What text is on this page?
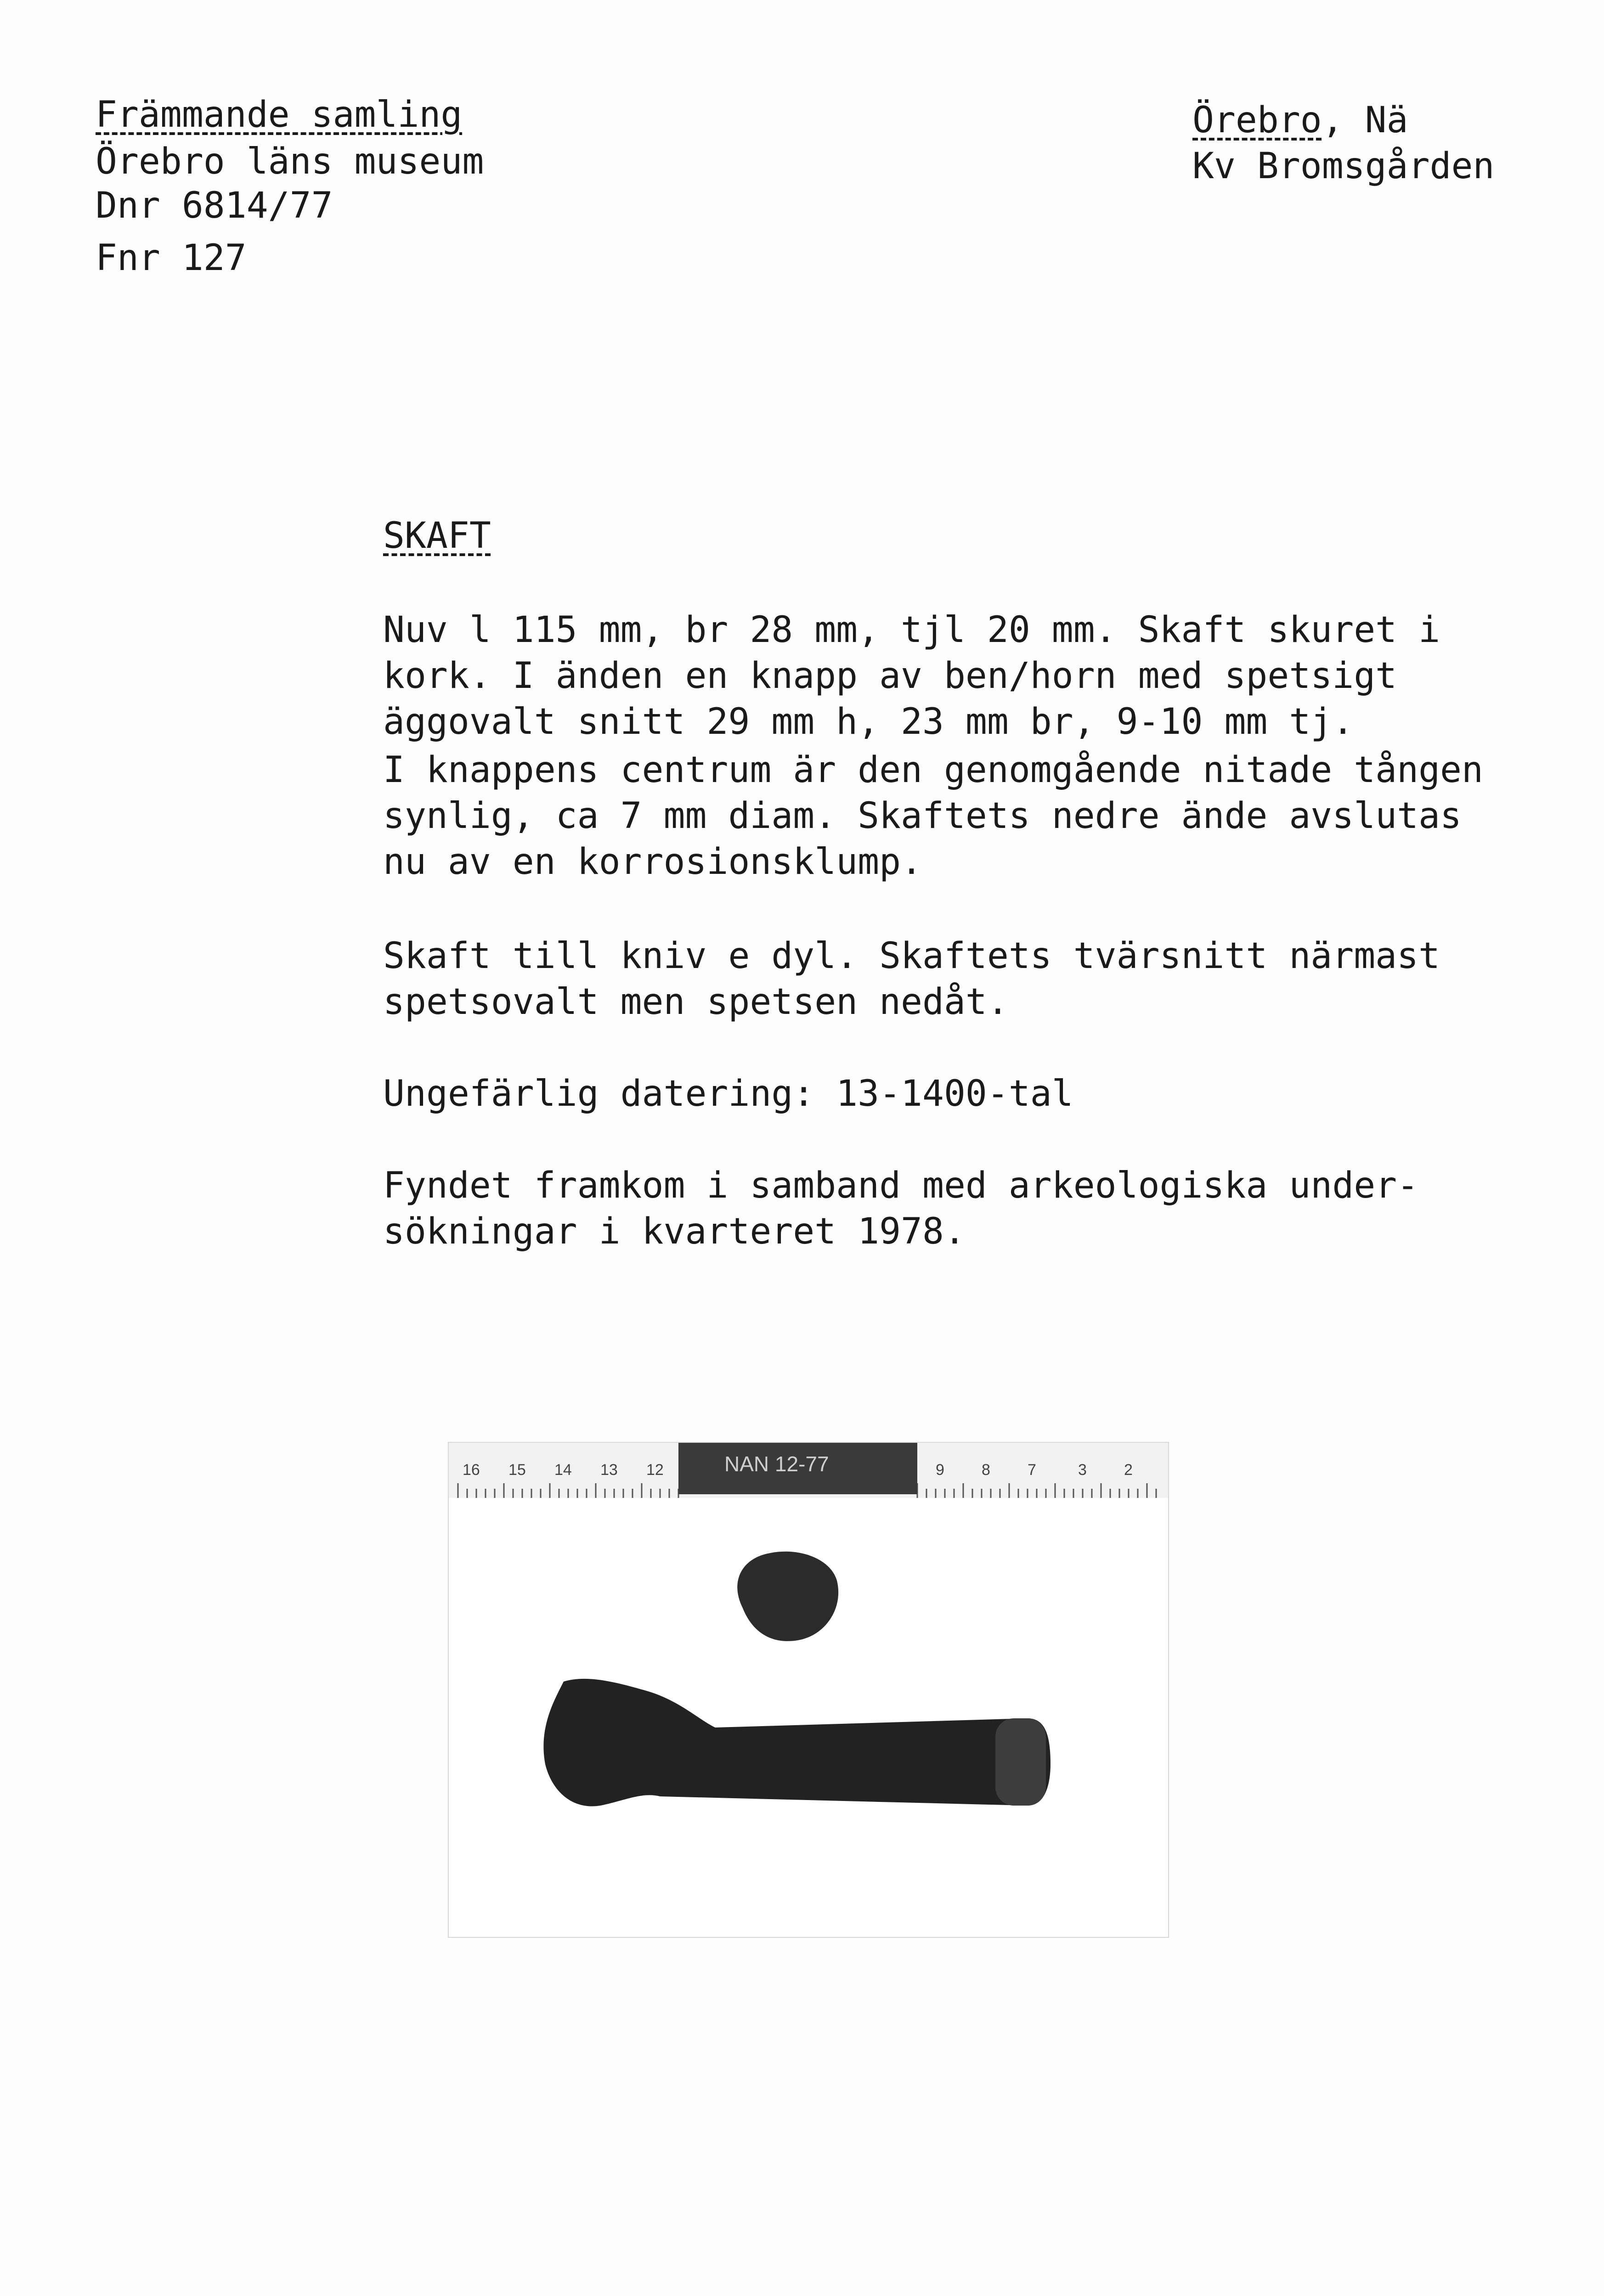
Främmande samling
Örebro läns museum
Dnr 6814/77
Fnr 127
Örebro, Nä
Kv Bromsgården
SKAFT
Nuv l 115 mm, br 28 mm, tjl 20 mm. Skaft skuret i
kork. I änden en knapp av ben/horn med spetsigt
äggovalt snitt 29 mm h, 23 mm br, 9-10 mm tj.
I knappens centrum är den genomgående nitade tången
synlig, ca 7 mm diam. Skaftets nedre ände avslutas
nu av en korrosionsklump.
Skaft till kniv e dyl. Skaftets tvärsnitt närmast
spetsovalt men spetsen nedåt.
Ungefärlig datering: 13-1400-tal
Fyndet framkom i samband med arkeologiska under-
sökningar i kvarteret 1978.
16 15 14 13 12	9 8 7	3 2
NAN 12-77
